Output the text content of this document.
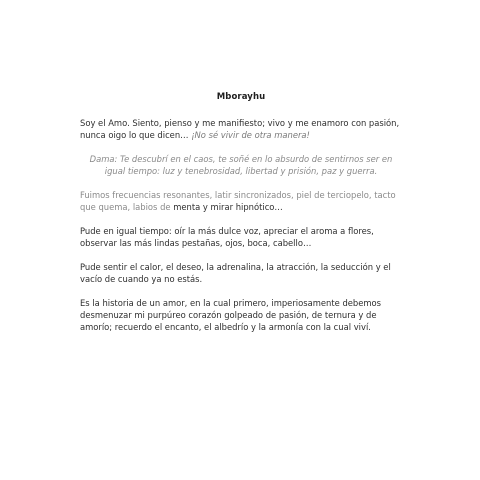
Mborayhu

Soy el Amo. Siento, pienso y me manifiesto; vivo y me enamoro con pasión, nunca oigo lo que dicen… ¡No sé vivir de otra manera!

Dama: Te descubrí en el caos, te soñé en lo absurdo de sentirnos ser en igual tiempo: luz y tenebrosidad, libertad y prisión, paz y guerra.

Fuimos frecuencias resonantes, latir sincronizados, piel de terciopelo, tacto que quema, labios de menta y mirar hipnótico…

Pude en igual tiempo: oír la más dulce voz, apreciar el aroma a flores, observar las más lindas pestañas, ojos, boca, cabello…

Pude sentir el calor, el deseo, la adrenalina, la atracción, la seducción y el vacío de cuando ya no estás.

Es la historia de un amor, en la cual primero, imperiosamente debemos desmenuzar mi purpúreo corazón golpeado de pasión, de ternura y de amorío; recuerdo el encanto, el albedrío y la armonía con la cual viví.
